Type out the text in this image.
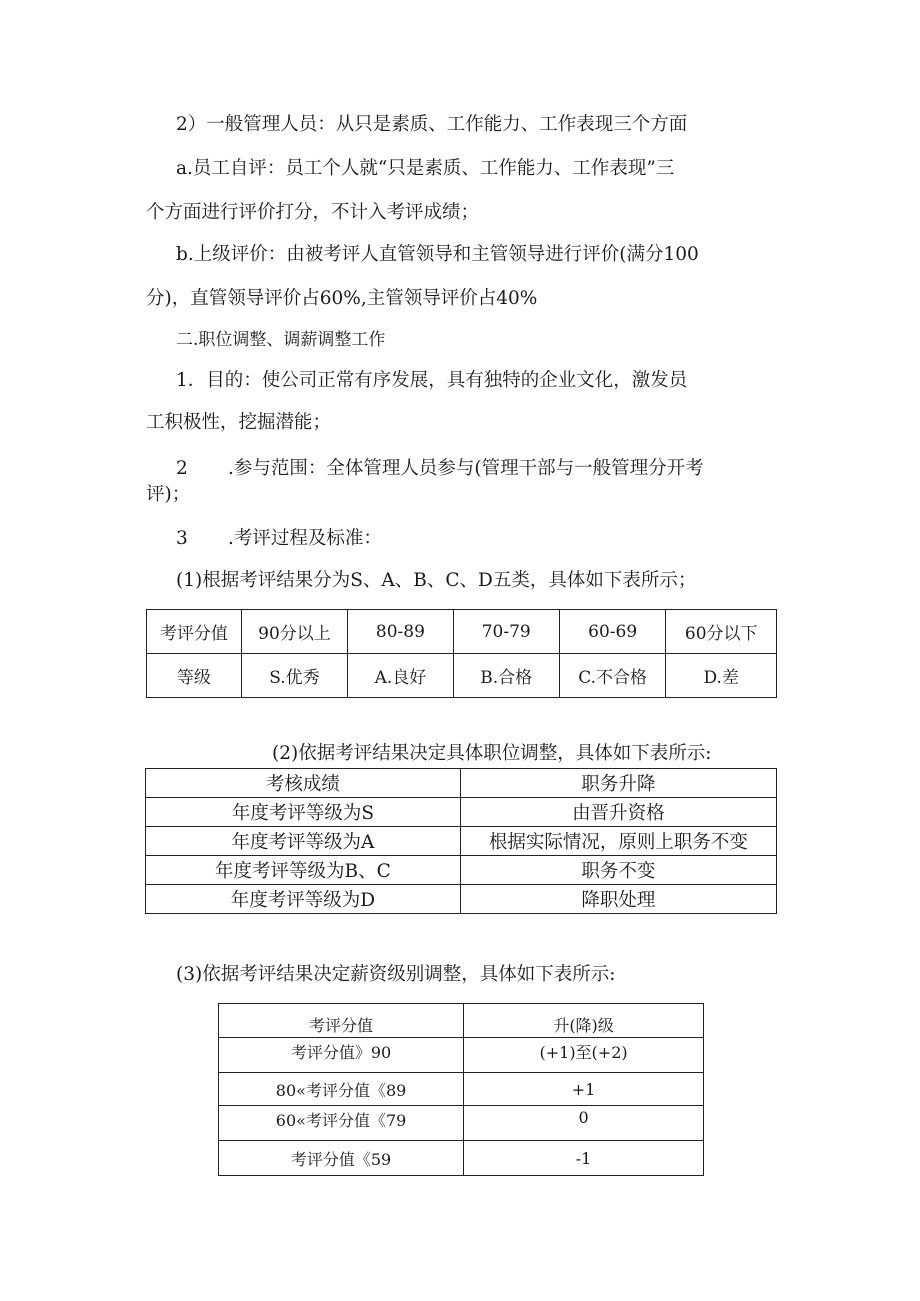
2）一般管理人员：从只是素质、工作能力、工作表现三个方面
a.员工自评：员工个人就“只是素质、工作能力、工作表现”三
个方面进行评价打分，不计入考评成绩；
b.上级评价：由被考评人直管领导和主管领导进行评价(满分100
分)，直管领导评价占60%,主管领导评价占40%
二.职位调整、调薪调整工作
1．目的：使公司正常有序发展，具有独特的企业文化，激发员
工积极性，挖掘潜能；
2 .参与范围：全体管理人员参与(管理干部与一般管理分开考
评)；
3 .考评过程及标准：
(1)根据考评结果分为S、A、B、C、D五类，具体如下表所示；
考评分值	90分以上	80-89	70-79	60-69	60分以下
等级	S.优秀	A.良好	B.合格	C.不合格	D.差
(2)依据考评结果决定具体职位调整，具体如下表所示:
考核成绩	职务升降
年度考评等级为S	由晋升资格
年度考评等级为A	根据实际情况，原则上职务不变
年度考评等级为B、C	职务不变
年度考评等级为D	降职处理
(3)依据考评结果决定薪资级别调整，具体如下表所示:
考评分值	升(降)级
考评分值》90	(+1)至(+2)
80«考评分值《89	+1
60«考评分值《79	0
考评分值《59	-1
